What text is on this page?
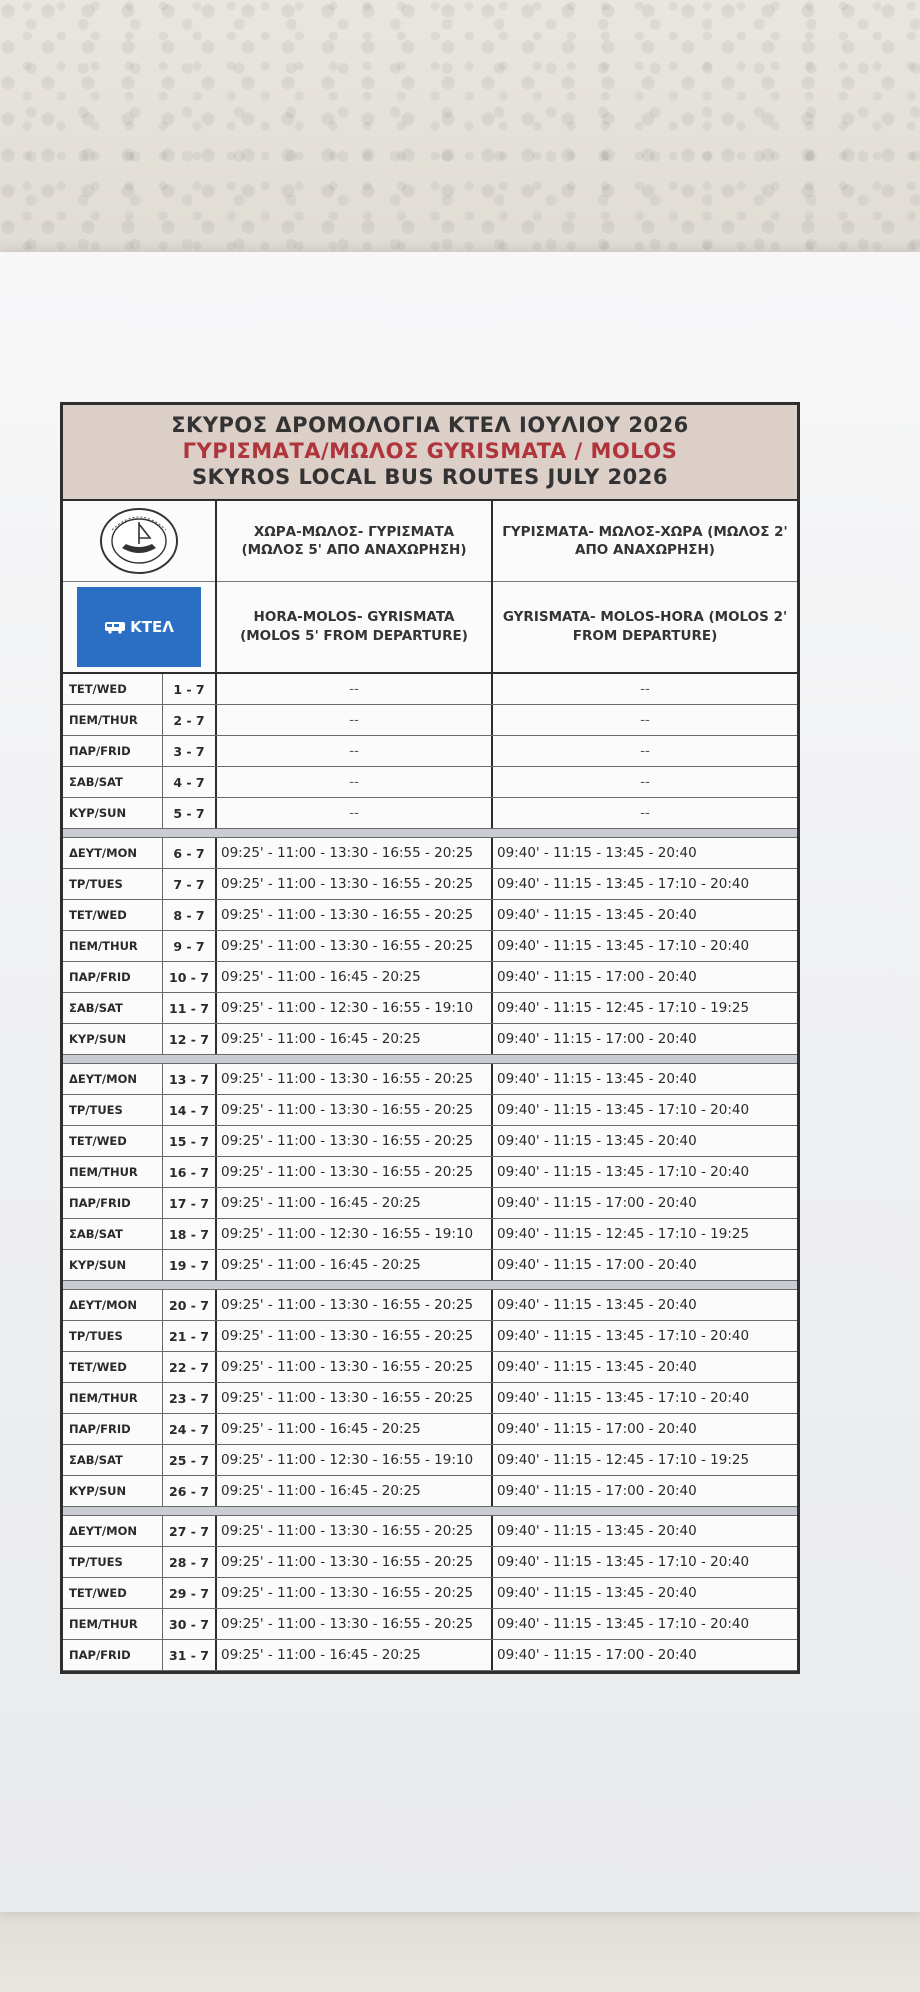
ΣΚΥΡΟΣ ΔΡΟΜΟΛΟΓΙΑ ΚΤΕΛ ΙΟΥΛΙΟΥ 2026
ΓΥΡΙΣΜΑΤΑ/ΜΩΛΟΣ GYRISMATA / MOLOS
SKYROS LOCAL BUS ROUTES JULY 2026
ΚΤΕΛ
ΧΩΡΑ-ΜΩΛΟΣ- ΓΥΡΙΣΜΑΤΑ (ΜΩΛΟΣ 5' ΑΠΟ ΑΝΑΧΩΡΗΣΗ)
HORA-MOLOS- GYRISMATA (MOLOS 5' FROM DEPARTURE)
ΓΥΡΙΣΜΑΤΑ- ΜΩΛΟΣ-ΧΩΡΑ (ΜΩΛΟΣ 2' ΑΠΟ ΑΝΑΧΩΡΗΣΗ)
GYRISMATA- MOLOS-HORA (MOLOS 2' FROM DEPARTURE)
ΤΕΤ/WED	1 - 7	--	--
ΠΕΜ/THUR	2 - 7	--	--
ΠΑΡ/FRID	3 - 7	--	--
ΣΑΒ/SAT	4 - 7	--	--
ΚΥΡ/SUN	5 - 7	--	--
ΔΕΥΤ/MON	6 - 7	09:25' - 11:00 - 13:30 - 16:55 - 20:25	09:40' - 11:15 - 13:45 - 20:40
ΤΡ/TUES	7 - 7	09:25' - 11:00 - 13:30 - 16:55 - 20:25	09:40' - 11:15 - 13:45 - 17:10 - 20:40
ΤΕΤ/WED	8 - 7	09:25' - 11:00 - 13:30 - 16:55 - 20:25	09:40' - 11:15 - 13:45 - 20:40
ΠΕΜ/THUR	9 - 7	09:25' - 11:00 - 13:30 - 16:55 - 20:25	09:40' - 11:15 - 13:45 - 17:10 - 20:40
ΠΑΡ/FRID	10 - 7 09:25' - 11:00 - 16:45 - 20:25	09:40' - 11:15 - 17:00 - 20:40
ΣΑΒ/SAT	11 - 7 09:25' - 11:00 - 12:30 - 16:55 - 19:10	09:40' - 11:15 - 12:45 - 17:10 - 19:25
ΚΥΡ/SUN	12 - 7 09:25' - 11:00 - 16:45 - 20:25	09:40' - 11:15 - 17:00 - 20:40
ΔΕΥΤ/MON	13 - 7 09:25' - 11:00 - 13:30 - 16:55 - 20:25	09:40' - 11:15 - 13:45 - 20:40
ΤΡ/TUES	14 - 7 09:25' - 11:00 - 13:30 - 16:55 - 20:25	09:40' - 11:15 - 13:45 - 17:10 - 20:40
ΤΕΤ/WED	15 - 7 09:25' - 11:00 - 13:30 - 16:55 - 20:25	09:40' - 11:15 - 13:45 - 20:40
ΠΕΜ/THUR	16 - 7 09:25' - 11:00 - 13:30 - 16:55 - 20:25	09:40' - 11:15 - 13:45 - 17:10 - 20:40
ΠΑΡ/FRID	17 - 7 09:25' - 11:00 - 16:45 - 20:25	09:40' - 11:15 - 17:00 - 20:40
ΣΑΒ/SAT	18 - 7 09:25' - 11:00 - 12:30 - 16:55 - 19:10	09:40' - 11:15 - 12:45 - 17:10 - 19:25
ΚΥΡ/SUN	19 - 7 09:25' - 11:00 - 16:45 - 20:25	09:40' - 11:15 - 17:00 - 20:40
ΔΕΥΤ/MON	20 - 7 09:25' - 11:00 - 13:30 - 16:55 - 20:25	09:40' - 11:15 - 13:45 - 20:40
ΤΡ/TUES	21 - 7 09:25' - 11:00 - 13:30 - 16:55 - 20:25	09:40' - 11:15 - 13:45 - 17:10 - 20:40
ΤΕΤ/WED	22 - 7 09:25' - 11:00 - 13:30 - 16:55 - 20:25	09:40' - 11:15 - 13:45 - 20:40
ΠΕΜ/THUR	23 - 7 09:25' - 11:00 - 13:30 - 16:55 - 20:25	09:40' - 11:15 - 13:45 - 17:10 - 20:40
ΠΑΡ/FRID	24 - 7 09:25' - 11:00 - 16:45 - 20:25	09:40' - 11:15 - 17:00 - 20:40
ΣΑΒ/SAT	25 - 7 09:25' - 11:00 - 12:30 - 16:55 - 19:10	09:40' - 11:15 - 12:45 - 17:10 - 19:25
ΚΥΡ/SUN	26 - 7 09:25' - 11:00 - 16:45 - 20:25	09:40' - 11:15 - 17:00 - 20:40
ΔΕΥΤ/MON	27 - 7 09:25' - 11:00 - 13:30 - 16:55 - 20:25	09:40' - 11:15 - 13:45 - 20:40
ΤΡ/TUES	28 - 7 09:25' - 11:00 - 13:30 - 16:55 - 20:25	09:40' - 11:15 - 13:45 - 17:10 - 20:40
ΤΕΤ/WED	29 - 7 09:25' - 11:00 - 13:30 - 16:55 - 20:25	09:40' - 11:15 - 13:45 - 20:40
ΠΕΜ/THUR	30 - 7 09:25' - 11:00 - 13:30 - 16:55 - 20:25	09:40' - 11:15 - 13:45 - 17:10 - 20:40
ΠΑΡ/FRID	31 - 7 09:25' - 11:00 - 16:45 - 20:25	09:40' - 11:15 - 17:00 - 20:40
